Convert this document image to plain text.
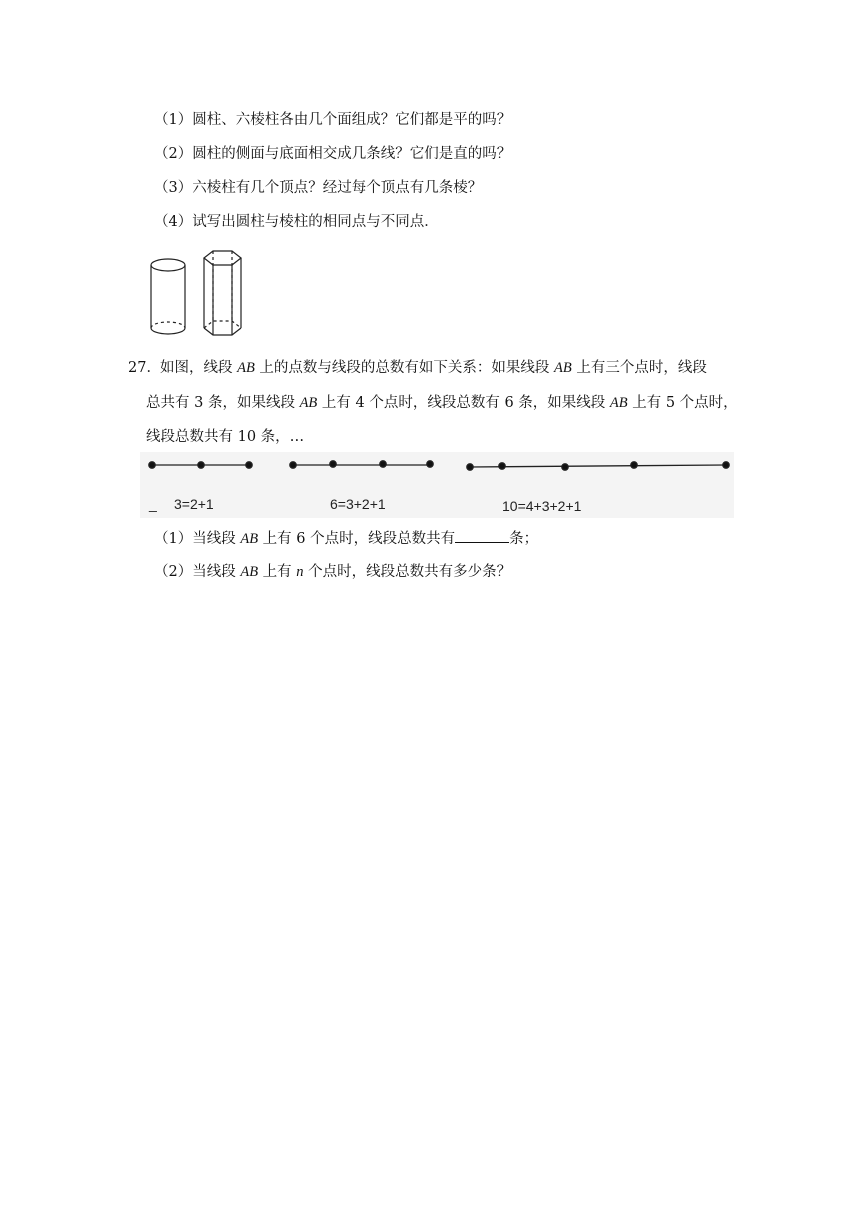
（1）圆柱、六棱柱各由几个面组成？它们都是平的吗？
（2）圆柱的侧面与底面相交成几条线？它们是直的吗？
（3）六棱柱有几个顶点？经过每个顶点有几条棱？
（4）试写出圆柱与棱柱的相同点与不同点．
27． 如图，线段 AB 上的点数与线段的总数有如下关系：如果线段 AB 上有三个点时，线段
总共有 3 条，如果线段 AB 上有 4 个点时，线段总数有 6 条，如果线段 AB 上有 5 个点时，
线段总数共有 10 条，…
_ 3=2+1	6=3+2+1	10=4+3+2+1
（1）当线段 AB 上有 6 个点时，线段总数共有	条；
（2）当线段 AB 上有 n 个点时，线段总数共有多少条？
